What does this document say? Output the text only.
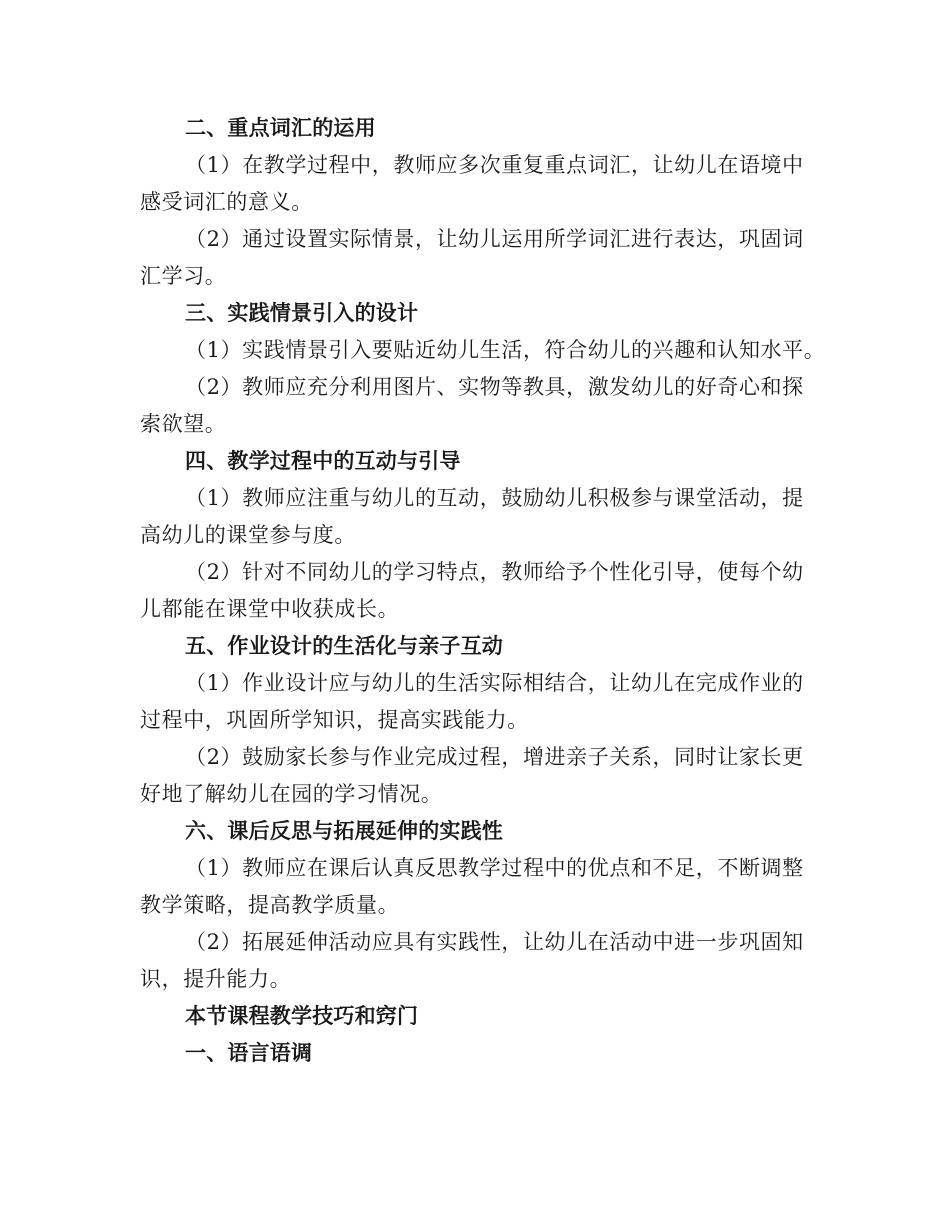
二、重点词汇的运用
（1）在教学过程中，教师应多次重复重点词汇，让幼儿在语境中
感受词汇的意义。
（2）通过设置实际情景，让幼儿运用所学词汇进行表达，巩固词
汇学习。
三、实践情景引入的设计
（1）实践情景引入要贴近幼儿生活，符合幼儿的兴趣和认知水平。
（2）教师应充分利用图片、实物等教具，激发幼儿的好奇心和探
索欲望。
四、教学过程中的互动与引导
（1）教师应注重与幼儿的互动，鼓励幼儿积极参与课堂活动，提
高幼儿的课堂参与度。
（2）针对不同幼儿的学习特点，教师给予个性化引导，使每个幼
儿都能在课堂中收获成长。
五、作业设计的生活化与亲子互动
（1）作业设计应与幼儿的生活实际相结合，让幼儿在完成作业的
过程中，巩固所学知识，提高实践能力。
（2）鼓励家长参与作业完成过程，增进亲子关系，同时让家长更
好地了解幼儿在园的学习情况。
六、课后反思与拓展延伸的实践性
（1）教师应在课后认真反思教学过程中的优点和不足，不断调整
教学策略，提高教学质量。
（2）拓展延伸活动应具有实践性，让幼儿在活动中进一步巩固知
识，提升能力。
本节课程教学技巧和窍门
一、语言语调
